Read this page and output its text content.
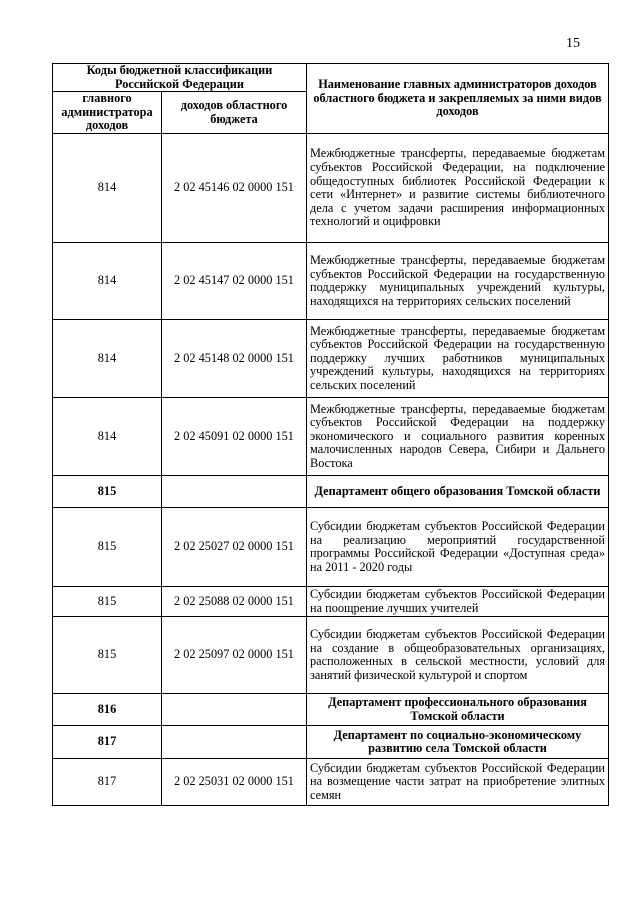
15
Коды бюджетной классификации Российской Федерации		Наименование главных администраторов доходов областного бюджета и закрепляемых за ними видов доходов
главного администратора доходов	доходов областного бюджета	
814	2 02 45146 02 0000 151	Межбюджетные трансферты, передаваемые бюджетам субъектов Российской Федерации, на подключение общедоступных библиотек Российской Федерации к сети «Интернет» и развитие системы библиотечного дела с учетом задачи расширения информационных технологий и оцифровки
814	2 02 45147 02 0000 151	Межбюджетные трансферты, передаваемые бюджетам субъектов Российской Федерации на государственную поддержку муниципальных учреждений культуры, находящихся на территориях сельских поселений
814	2 02 45148 02 0000 151	Межбюджетные трансферты, передаваемые бюджетам субъектов Российской Федерации на государственную поддержку лучших работников муниципальных учреждений культуры, находящихся на территориях сельских поселений
814	2 02 45091 02 0000 151	Межбюджетные трансферты, передаваемые бюджетам субъектов Российской Федерации на поддержку экономического и социального развития коренных малочисленных народов Севера, Сибири и Дальнего Востока
815		Департамент общего образования Томской области
815	2 02 25027 02 0000 151	Субсидии бюджетам субъектов Российской Федерации на реализацию мероприятий государственной программы Российской Федерации «Доступная среда» на 2011 - 2020 годы
815	2 02 25088 02 0000 151	Субсидии бюджетам субъектов Российской Федерации на поощрение лучших учителей
815	2 02 25097 02 0000 151	Субсидии бюджетам субъектов Российской Федерации на создание в общеобразовательных организациях, расположенных в сельской местности, условий для занятий физической культурой и спортом
816		Департамент профессионального образования Томской области
817		Департамент по социально-экономическому развитию села Томской области
817	2 02 25031 02 0000 151	Субсидии бюджетам субъектов Российской Федерации на возмещение части затрат на приобретение элитных семян
